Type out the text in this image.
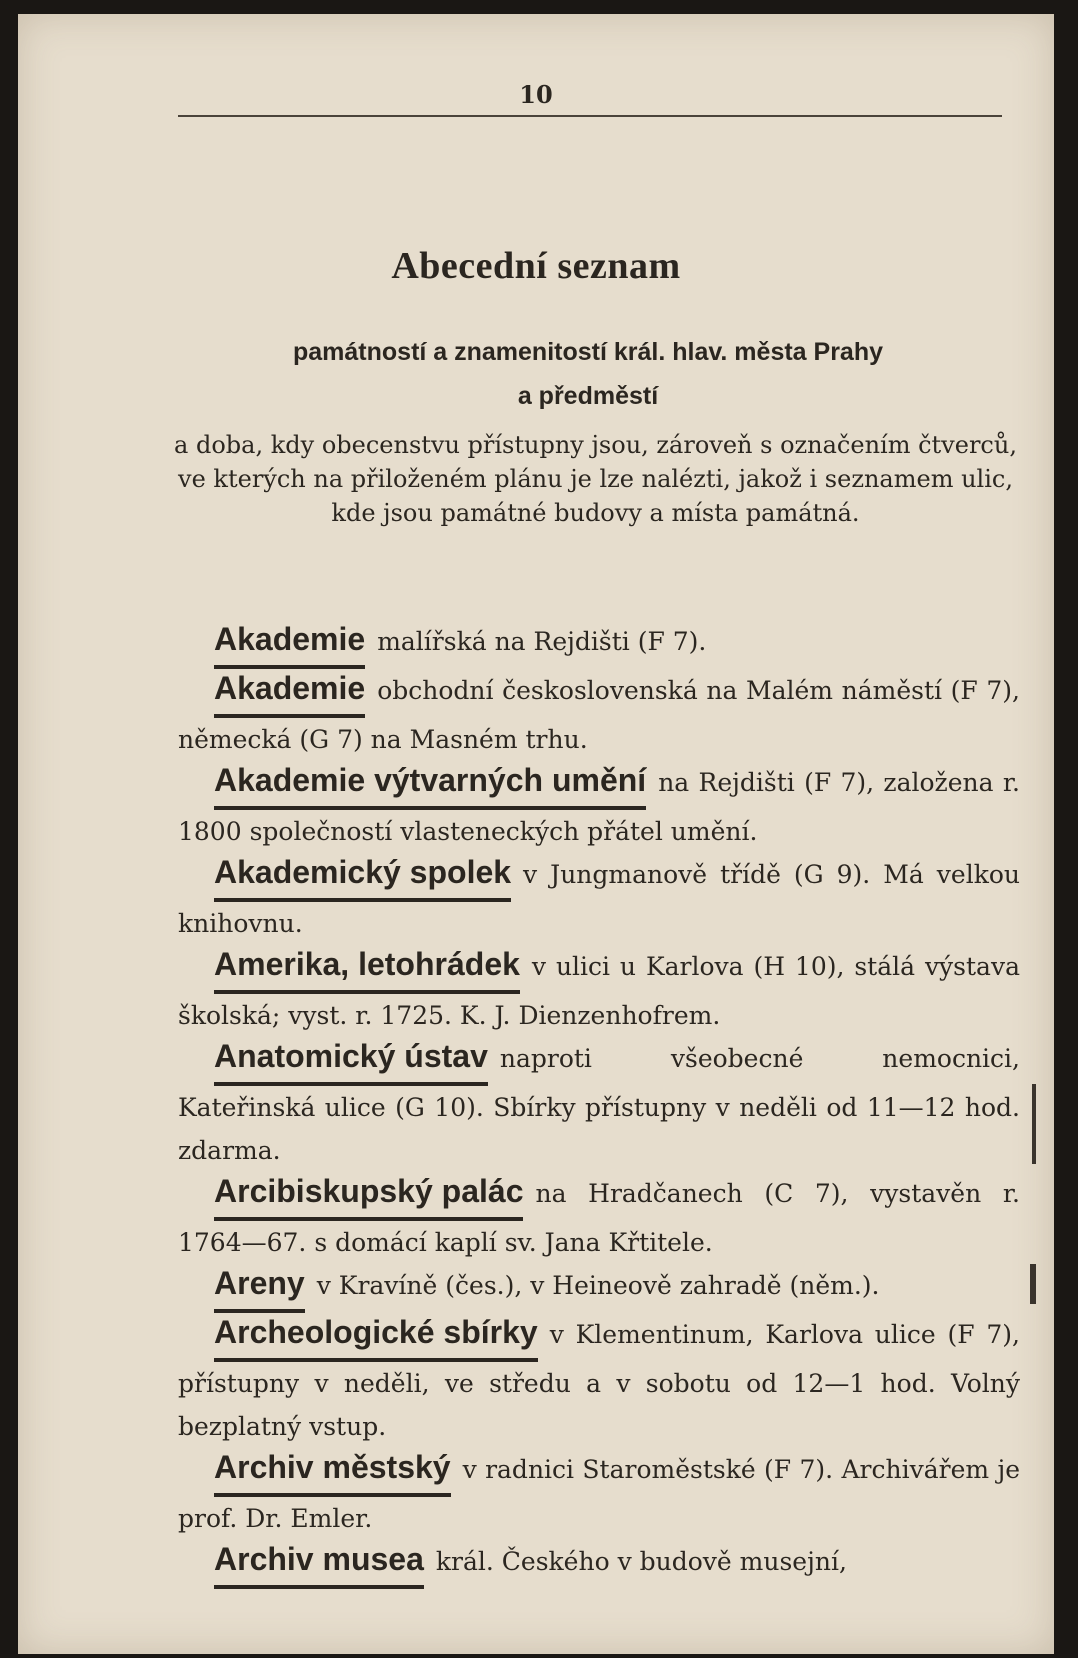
10
Abecední seznam
památností a znamenitostí král. hlav. města Prahy
a předměstí
a doba, kdy obecenstvu přístupny jsou, zároveň s označením čtverců, ve kterých na přiloženém plánu je lze nalézti, jakož i seznamem ulic, kde jsou památné budovy a místa památná.

Akademie malířská na Rejdišti (F 7).

Akademie obchodní československá na Malém náměstí (F 7), německá (G 7) na Masném trhu.

Akademie výtvarných umění na Rejdišti (F 7), založena r. 1800 společností vlasteneckých přátel umění.

Akademický spolek v Jungmanově třídě (G 9). Má velkou knihovnu.

Amerika, letohrádek v ulici u Karlova (H 10), stálá výstava školská; vyst. r. 1725. K. J. Dienzenhofrem.

Anatomický ústav naproti všeobecné nemocnici, Kateřinská ulice (G 10). Sbírky přístupny v neděli od 11—12 hod. zdarma.

Arcibiskupský palác na Hradčanech (C 7), vystavěn r. 1764—67. s domácí kaplí sv. Jana Křtitele.

Areny v Kravíně (čes.), v Heineově zahradě (něm.).

Archeologické sbírky v Klementinum, Karlova ulice (F 7), přístupny v neděli, ve středu a v sobotu od 12—1 hod. Volný bezplatný vstup.

Archiv městský v radnici Staroměstské (F 7). Archivářem je prof. Dr. Emler.

Archiv musea král. Českého v budově musejní,
